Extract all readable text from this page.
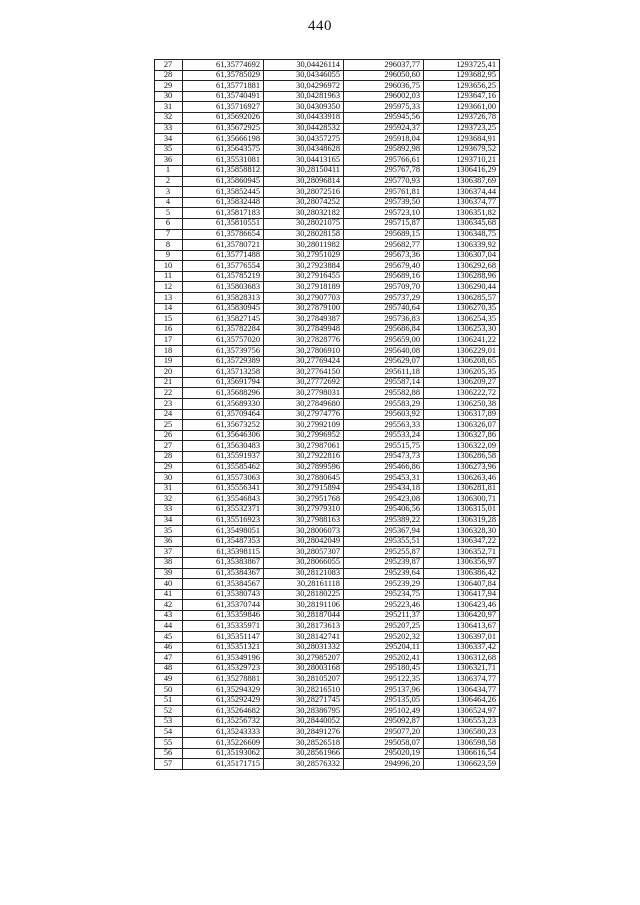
440
27	61,35774692	30,04426114	296037,77	1293725,41
28	61,35785029	30,04346055	296050,60	1293682,95
29	61,35771881	30,04296972	296036,75	1293656,25
30	61,35740491	30,04281963	296002,03	1293647,16
31	61,35716927	30,04309350	295975,33	1293661,00
32	61,35692026	30,04433918	295945,56	1293726,78
33	61,35672925	30,04428532	295924,37	1293723,25
34	61,35666198	30,04357275	295918,04	1293684,91
35	61,35643575	30,04348628	295892,98	1293679,52
36	61,35531081	30,04413165	295766,61	1293710,21
1	61,35858812	30,28150411	295767,78	1306416,29
2	61,35860945	30,28096814	295770,93	1306387,69
3	61,35852445	30,28072516	295761,81	1306374,44
4	61,35832448	30,28074252	295739,50	1306374,77
5	61,35817183	30,28032182	295723,10	1306351,82
6	61,35810551	30,28021075	295715,87	1306345,68
7	61,35786654	30,28028158	295689,15	1306348,75
8	61,35780721	30,28011982	295682,77	1306339,92
9	61,35771488	30,27951029	295673,36	1306307,04
10	61,35776554	30,27923884	295679,40	1306292,68
11	61,35785219	30,27916455	295689,16	1306288,96
12	61,35803683	30,27918189	295709,70	1306290,44
13	61,35828313	30,27907703	295737,29	1306285,57
14	61,35830945	30,27879100	295740,64	1306270,35
15	61,35827145	30,27849387	295736,83	1306254,35
16	61,35782284	30,27849948	295686,84	1306253,30
17	61,35757020	30,27828776	295659,00	1306241,22
18	61,35739756	30,27806910	295640,08	1306229,01
19	61,35729389	30,27769424	295629,07	1306208,65
20	61,35713258	30,27764150	295611,18	1306205,35
21	61,35691794	30,27772692	295587,14	1306209,27
22	61,35688296	30,27798031	295582,88	1306222,72
23	61,35689330	30,27849680	295583,29	1306250,38
24	61,35709464	30,27974776	295603,92	1306317,89
25	61,35673252	30,27992109	295563,33	1306326,07
26	61,35646306	30,27996952	295533,24	1306327,86
27	61,35630483	30,27987061	295515,75	1306322,09
28	61,35591937	30,27922816	295473,73	1306286,58
29	61,35585462	30,27899596	295466,86	1306273,96
30	61,35573063	30,27880645	295453,31	1306263,46
31	61,35556341	30,27915894	295434,18	1306281,81
32	61,35546843	30,27951768	295423,08	1306300,71
33	61,35532371	30,27979310	295406,56	1306315,01
34	61,35516923	30,27988163	295389,22	1306319,28
35	61,35498051	30,28006073	295367,94	1306328,30
36	61,35487353	30,28042049	295355,51	1306347,22
37	61,35398115	30,28057307	295255,87	1306352,71
38	61,35383867	30,28066055	295239,87	1306356,97
39	61,35384367	30,28121083	295239,64	1306386,42
40	61,35384567	30,28161118	295239,29	1306407,84
41	61,35380743	30,28180225	295234,75	1306417,94
42	61,35370744	30,28191106	295223,46	1306423,46
43	61,35359846	30,28187044	295211,37	1306420,97
44	61,35335971	30,28173613	295207,25	1306413,67
45	61,35351147	30,28142741	295202,32	1306397,01
46	61,35351321	30,28031332	295204,11	1306337,42
47	61,35349196	30,27985207	295202,41	1306312,68
48	61,35329723	30,28003168	295180,45	1306321,71
49	61,35278881	30,28105207	295122,35	1306374,77
50	61,35294329	30,28216510	295137,96	1306434,77
51	61,35292429	30,28271745	295135,05	1306464,26
52	61,35264682	30,28386795	295102,49	1306524,97
53	61,35256732	30,28440052	295092,87	1306553,23
54	61,35243333	30,28491276	295077,20	1306580,23
55	61,35226609	30,28526518	295058,07	1306598,58
56	61,35193062	30,28561966	295020,19	1306616,54
57	61,35171715	30,28576332	294996,20	1306623,59
